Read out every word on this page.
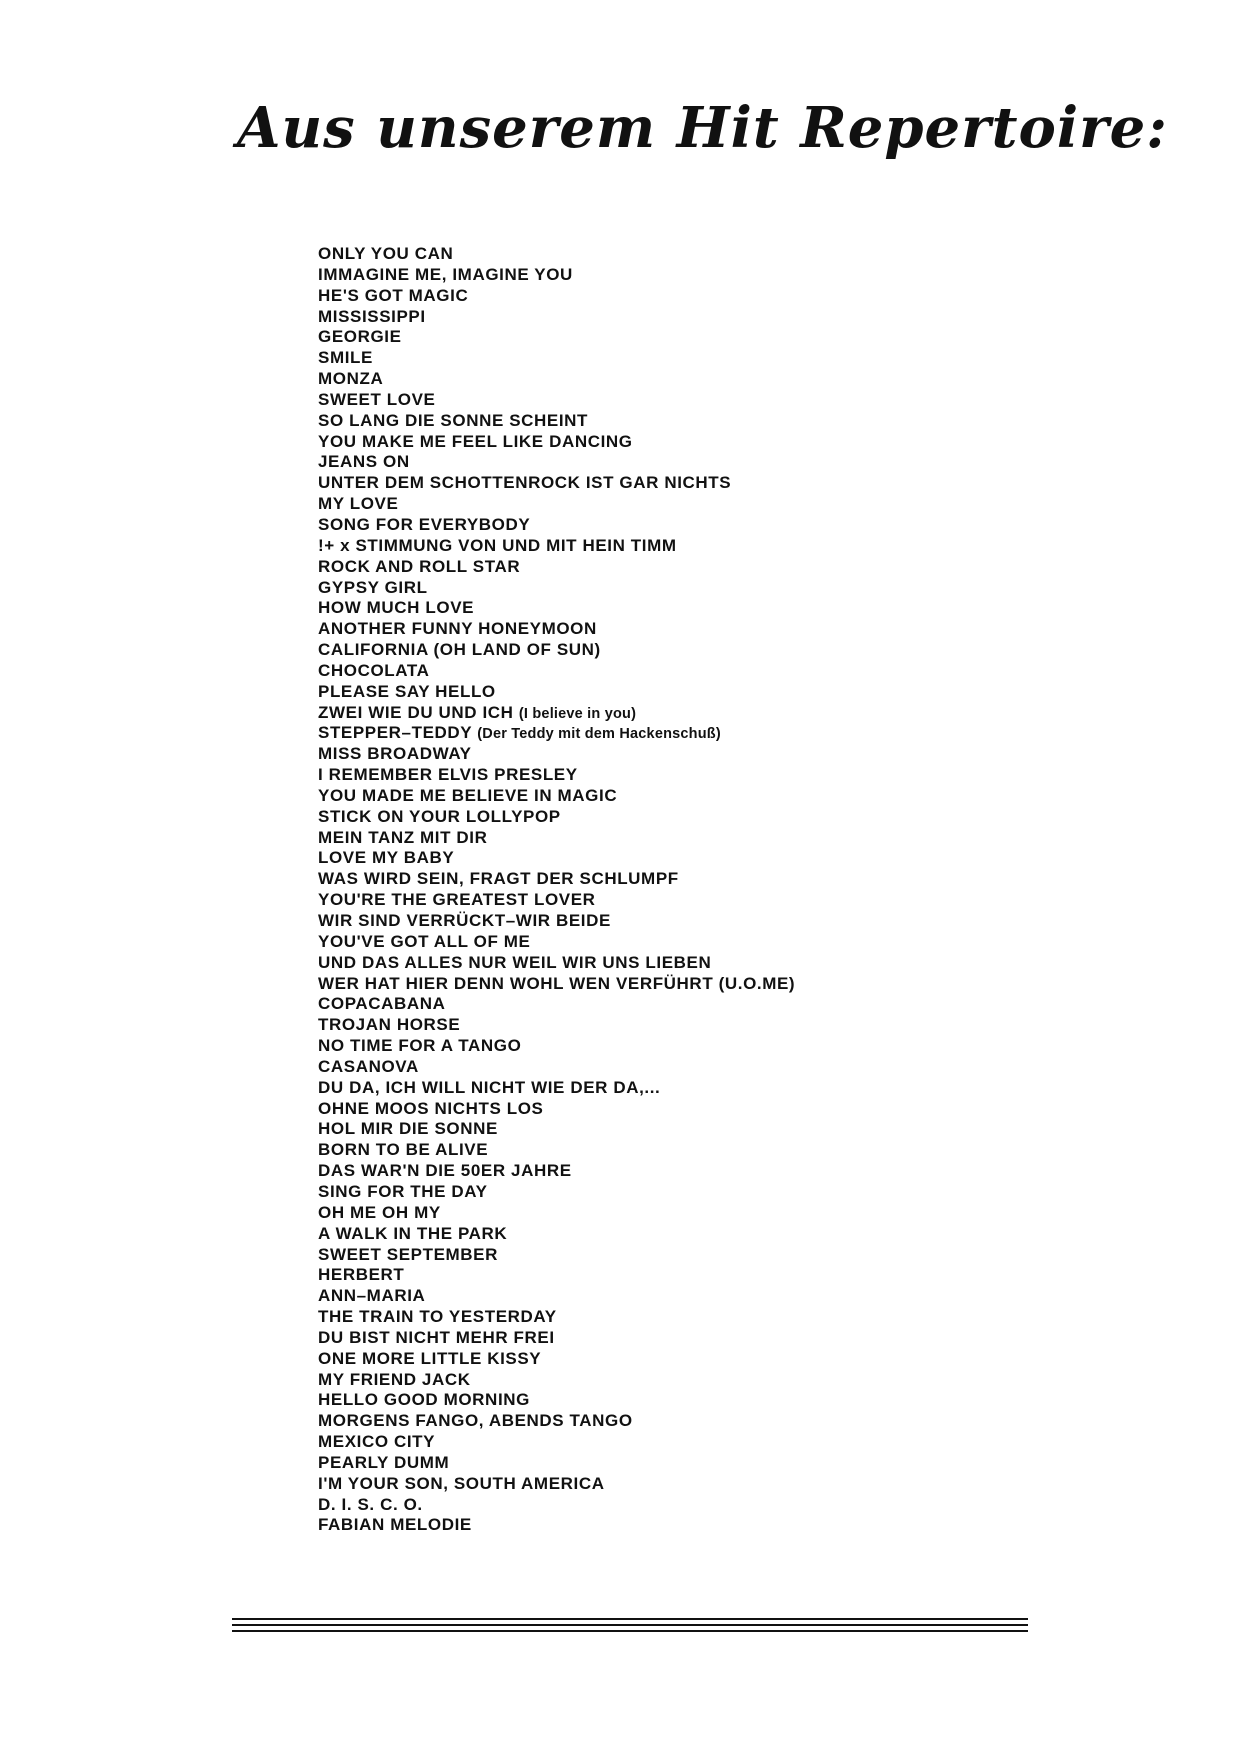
Aus unserem Hit Repertoire:
ONLY YOU CAN
IMMAGINE ME, IMAGINE YOU
HE'S GOT MAGIC
MISSISSIPPI
GEORGIE
SMILE
MONZA
SWEET LOVE
SO LANG DIE SONNE SCHEINT
YOU MAKE ME FEEL LIKE DANCING
JEANS ON
UNTER DEM SCHOTTENROCK IST GAR NICHTS
MY LOVE
SONG FOR EVERYBODY
!+ x STIMMUNG VON UND MIT HEIN TIMM
ROCK AND ROLL STAR
GYPSY GIRL
HOW MUCH LOVE
ANOTHER FUNNY HONEYMOON
CALIFORNIA (OH LAND OF SUN)
CHOCOLATA
PLEASE SAY HELLO
ZWEI WIE DU UND ICH (I believe in you)
STEPPER–TEDDY (Der Teddy mit dem Hackenschuß)
MISS BROADWAY
I REMEMBER ELVIS PRESLEY
YOU MADE ME BELIEVE IN MAGIC
STICK ON YOUR LOLLYPOP
MEIN TANZ MIT DIR
LOVE MY BABY
WAS WIRD SEIN, FRAGT DER SCHLUMPF
YOU'RE THE GREATEST LOVER
WIR SIND VERRÜCKT–WIR BEIDE
YOU'VE GOT ALL OF ME
UND DAS ALLES NUR WEIL WIR UNS LIEBEN
WER HAT HIER DENN WOHL WEN VERFÜHRT (U.O.ME)
COPACABANA
TROJAN HORSE
NO TIME FOR A TANGO
CASANOVA
DU DA, ICH WILL NICHT WIE DER DA,...
OHNE MOOS NICHTS LOS
HOL MIR DIE SONNE
BORN TO BE ALIVE
DAS WAR'N DIE 50ER JAHRE
SING FOR THE DAY
OH ME OH MY
A WALK IN THE PARK
SWEET SEPTEMBER
HERBERT
ANN–MARIA
THE TRAIN TO YESTERDAY
DU BIST NICHT MEHR FREI
ONE MORE LITTLE KISSY
MY FRIEND JACK
HELLO GOOD MORNING
MORGENS FANGO, ABENDS TANGO
MEXICO CITY
PEARLY DUMM
I'M YOUR SON, SOUTH AMERICA
D. I. S. C. O.
FABIAN MELODIE
